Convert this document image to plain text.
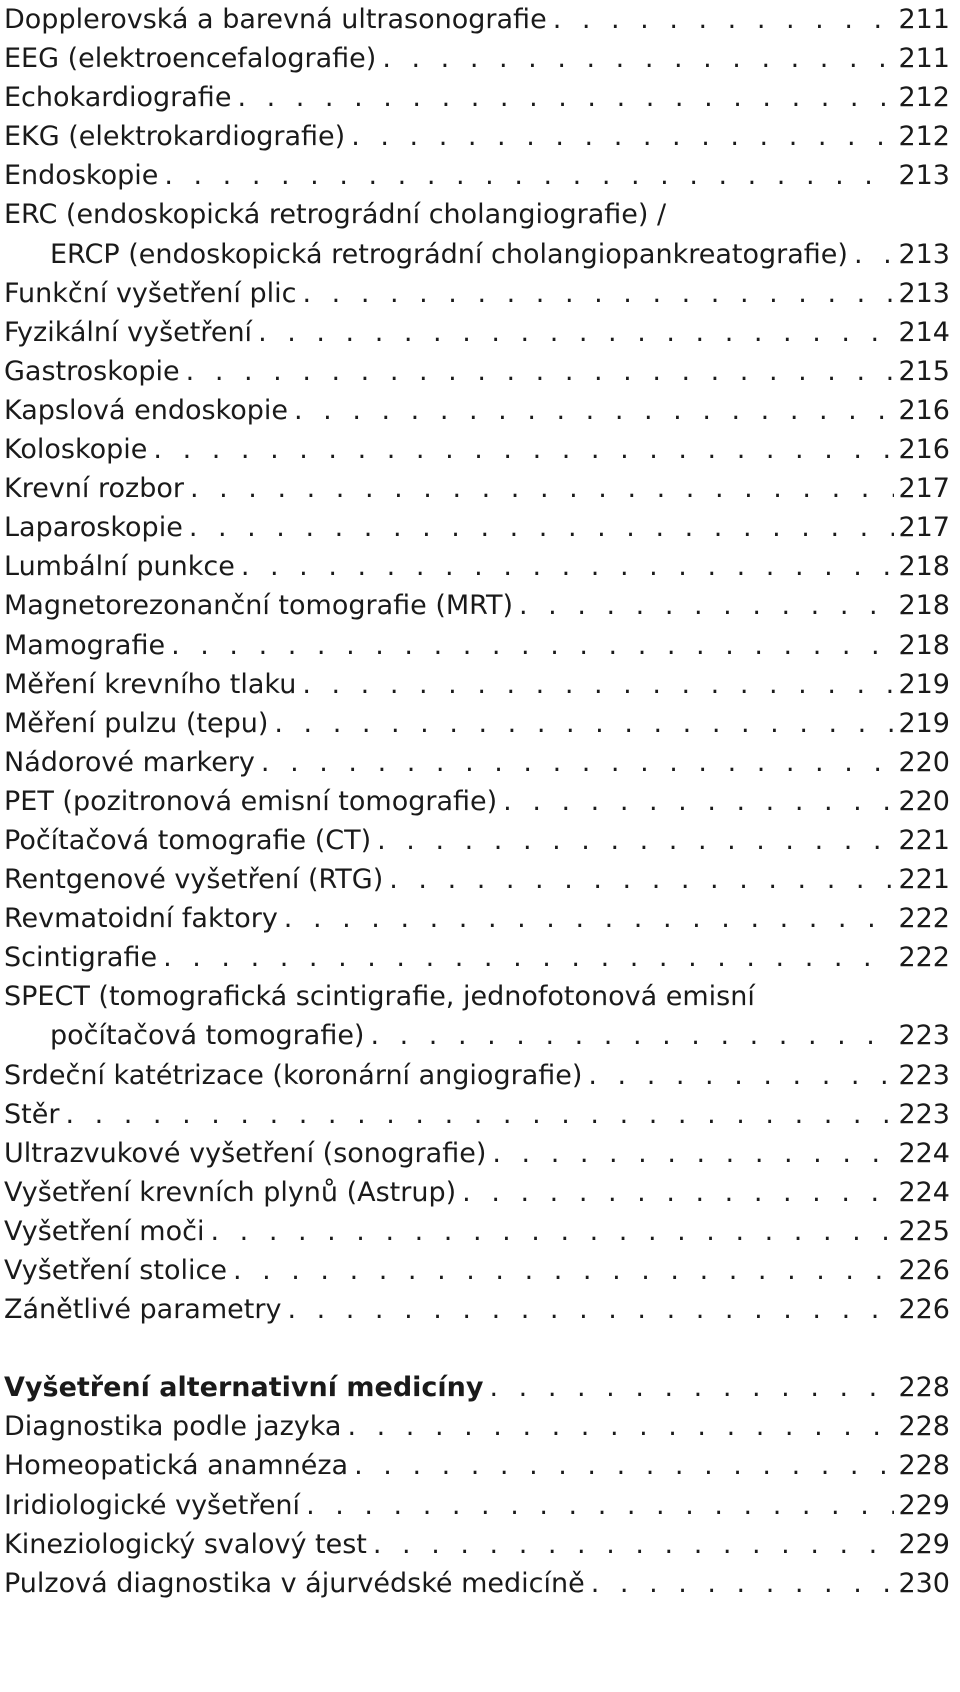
Dopplerovská a barevná ultrasonografie . . .	211
EEG (elektroencefalografie) . . .	211
Echokardiografie . . .	212
EKG (elektrokardiografie) . . .	212
Endoskopie . . .	213
ERC (endoskopická retrográdní cholangiografie) /
ERCP (endoskopická retrográdní cholangiopankreatografie) . . . 213
Funkční vyšetření plic . . .	213
Fyzikální vyšetření . . .	214
Gastroskopie . . .	215
Kapslová endoskopie . . .	216
Koloskopie . . .	216
Krevní rozbor . . .	217
Laparoskopie . . .	217
Lumbální punkce . . .	218
Magnetorezonanční tomografie (MRT) . . .	218
Mamografie . . .	218
Měření krevního tlaku . . .	219
Měření pulzu (tepu) . . .	219
Nádorové markery . . .	220
PET (pozitronová emisní tomografie) . . .	220
Počítačová tomografie (CT) . . .	221
Rentgenové vyšetření (RTG) . . .	221
Revmatoidní faktory . . .	222
Scintigrafie . . .	222
SPECT (tomografická scintigrafie, jednofotonová emisní
počítačová tomografie) . . .	223
Srdeční katétrizace (koronární angiografie) . . .	223
Stěr . . .	223
Ultrazvukové vyšetření (sonografie) . . .	224
Vyšetření krevních plynů (Astrup) . . .	224
Vyšetření moči . . .	225
Vyšetření stolice . . .	226
Zánětlivé parametry . . .	226
Vyšetření alternativní medicíny . . .	228
Diagnostika podle jazyka . . .	228
Homeopatická anamnéza . . .	228
Iridiologické vyšetření . . .	229
Kineziologický svalový test . . .	229
Pulzová diagnostika v ájurvédské medicíně . . .	230
